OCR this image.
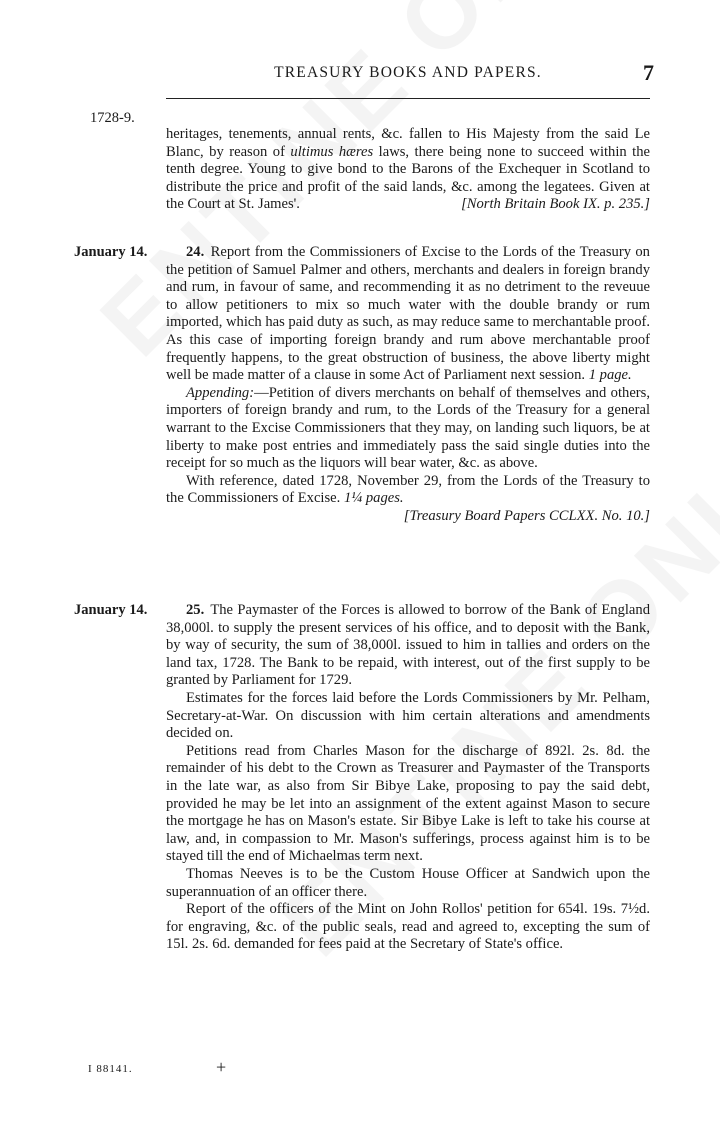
TREASURY BOOKS AND PAPERS.	7
1728-9.

heritages, tenements, annual rents, &c. fallen to His Majesty from the said Le Blanc, by reason of ultimus hæres laws, there being none to succeed within the tenth degree. Young to give bond to the Barons of the Exchequer in Scotland to distribute the price and profit of the said lands, &c. among the legatees. Given at the Court at St. James'.	[North Britain Book IX. p. 235.]

January 14.	24. Report from the Commissioners of Excise to the Lords of the Treasury on the petition of Samuel Palmer and others, merchants and dealers in foreign brandy and rum, in favour of same, and recommending it as no detriment to the reveuue to allow petitioners to mix so much water with the double brandy or rum imported, which has paid duty as such, as may reduce same to merchantable proof. As this case of importing foreign brandy and rum above merchantable proof frequently happens, to the great obstruction of business, the above liberty might well be made matter of a clause in some Act of Parliament next session. 1 page.

Appending:—Petition of divers merchants on behalf of themselves and others, importers of foreign brandy and rum, to the Lords of the Treasury for a general warrant to the Excise Commissioners that they may, on landing such liquors, be at liberty to make post entries and immediately pass the said single duties into the receipt for so much as the liquors will bear water, &c. as above.

With reference, dated 1728, November 29, from the Lords of the Treasury to the Commissioners of Excise. 1¼ pages.

[Treasury Board Papers CCLXX. No. 10.]

January 14.	25. The Paymaster of the Forces is allowed to borrow of the Bank of England 38,000l. to supply the present services of his office, and to deposit with the Bank, by way of security, the sum of 38,000l. issued to him in tallies and orders on the land tax, 1728. The Bank to be repaid, with interest, out of the first supply to be granted by Parliament for 1729.

Estimates for the forces laid before the Lords Commissioners by Mr. Pelham, Secretary-at-War. On discussion with him certain alterations and amendments decided on.

Petitions read from Charles Mason for the discharge of 892l. 2s. 8d. the remainder of his debt to the Crown as Treasurer and Paymaster of the Transports in the late war, as also from Sir Bibye Lake, proposing to pay the said debt, provided he may be let into an assignment of the extent against Mason to secure the mortgage he has on Mason's estate. Sir Bibye Lake is left to take his course at law, and, in compassion to Mr. Mason's sufferings, process against him is to be stayed till the end of Michaelmas term next.

Thomas Neeves is to be the Custom House Officer at Sandwich upon the superannuation of an officer there.

Report of the officers of the Mint on John Rollos' petition for 654l. 19s. 7½d. for engraving, &c. of the public seals, read and agreed to, excepting the sum of 15l. 2s. 6d. demanded for fees paid at the Secretary of State's office.

I 88141.	+
